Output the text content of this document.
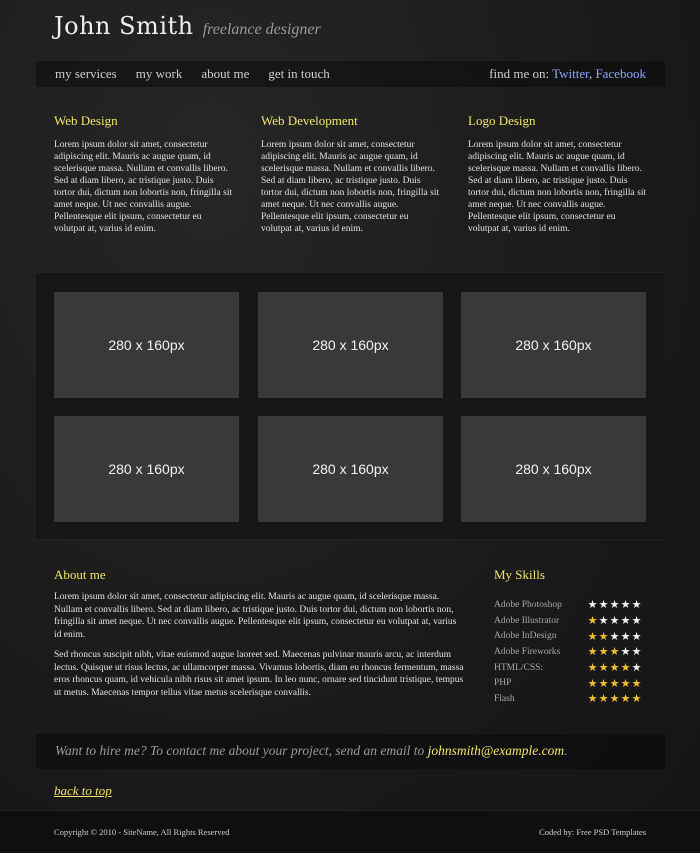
John Smith freelance designer
my services my work about me get in touch	find me on: Twitter, Facebook
Web Design

Lorem ipsum dolor sit amet, consectetur adipiscing elit. Mauris ac augue quam, id scelerisque massa. Nullam et convallis libero. Sed at diam libero, ac tristique justo. Duis tortor dui, dictum non lobortis non, fringilla sit amet neque. Ut nec convallis augue. Pellentesque elit ipsum, consectetur eu volutpat at, varius id enim.

Web Development

Lorem ipsum dolor sit amet, consectetur adipiscing elit. Mauris ac augue quam, id scelerisque massa. Nullam et convallis libero. Sed at diam libero, ac tristique justo. Duis tortor dui, dictum non lobortis non, fringilla sit amet neque. Ut nec convallis augue. Pellentesque elit ipsum, consectetur eu volutpat at, varius id enim.

Logo Design

Lorem ipsum dolor sit amet, consectetur adipiscing elit. Mauris ac augue quam, id scelerisque massa. Nullam et convallis libero. Sed at diam libero, ac tristique justo. Duis tortor dui, dictum non lobortis non, fringilla sit amet neque. Ut nec convallis augue. Pellentesque elit ipsum, consectetur eu volutpat at, varius id enim.

280 x 160px	280 x 160px	280 x 160px
280 x 160px	280 x 160px	280 x 160px
About me

Lorem ipsum dolor sit amet, consectetur adipiscing elit. Mauris ac augue quam, id scelerisque massa. Nullam et convallis libero. Sed at diam libero, ac tristique justo. Duis tortor dui, dictum non lobortis non, fringilla sit amet neque. Ut nec convallis augue. Pellentesque elit ipsum, consectetur eu volutpat at, varius id enim.

Sed rhoncus suscipit nibh, vitae euismod augue laoreet sed. Maecenas pulvinar mauris arcu, ac interdum lectus. Quisque ut risus lectus, ac ullamcorper massa. Vivamus lobortis, diam eu rhoncus fermentum, massa eros rhoncus quam, id vehicula nibh risus sit amet ipsum. In leo nunc, ornare sed tincidunt tristique, tempus ut metus. Maecenas tempor tellus vitae metus scelerisque convallis.

My Skills
Adobe Photoshop	★ ★ ★ ★ ★
Adobe Illustrator	★ ★ ★ ★ ★
Adobe InDesign	★ ★ ★ ★ ★
Adobe Fireworks	★ ★ ★ ★ ★
HTML/CSS:	★ ★ ★ ★ ★
PHP	★ ★ ★ ★ ★
Flash	★ ★ ★ ★ ★
Want to hire me? To contact me about your project, send an email to johnsmith@example.com.
back to top
Copyright © 2010 - SiteName, All Rights Reserved	Coded by: Free PSD Templates
